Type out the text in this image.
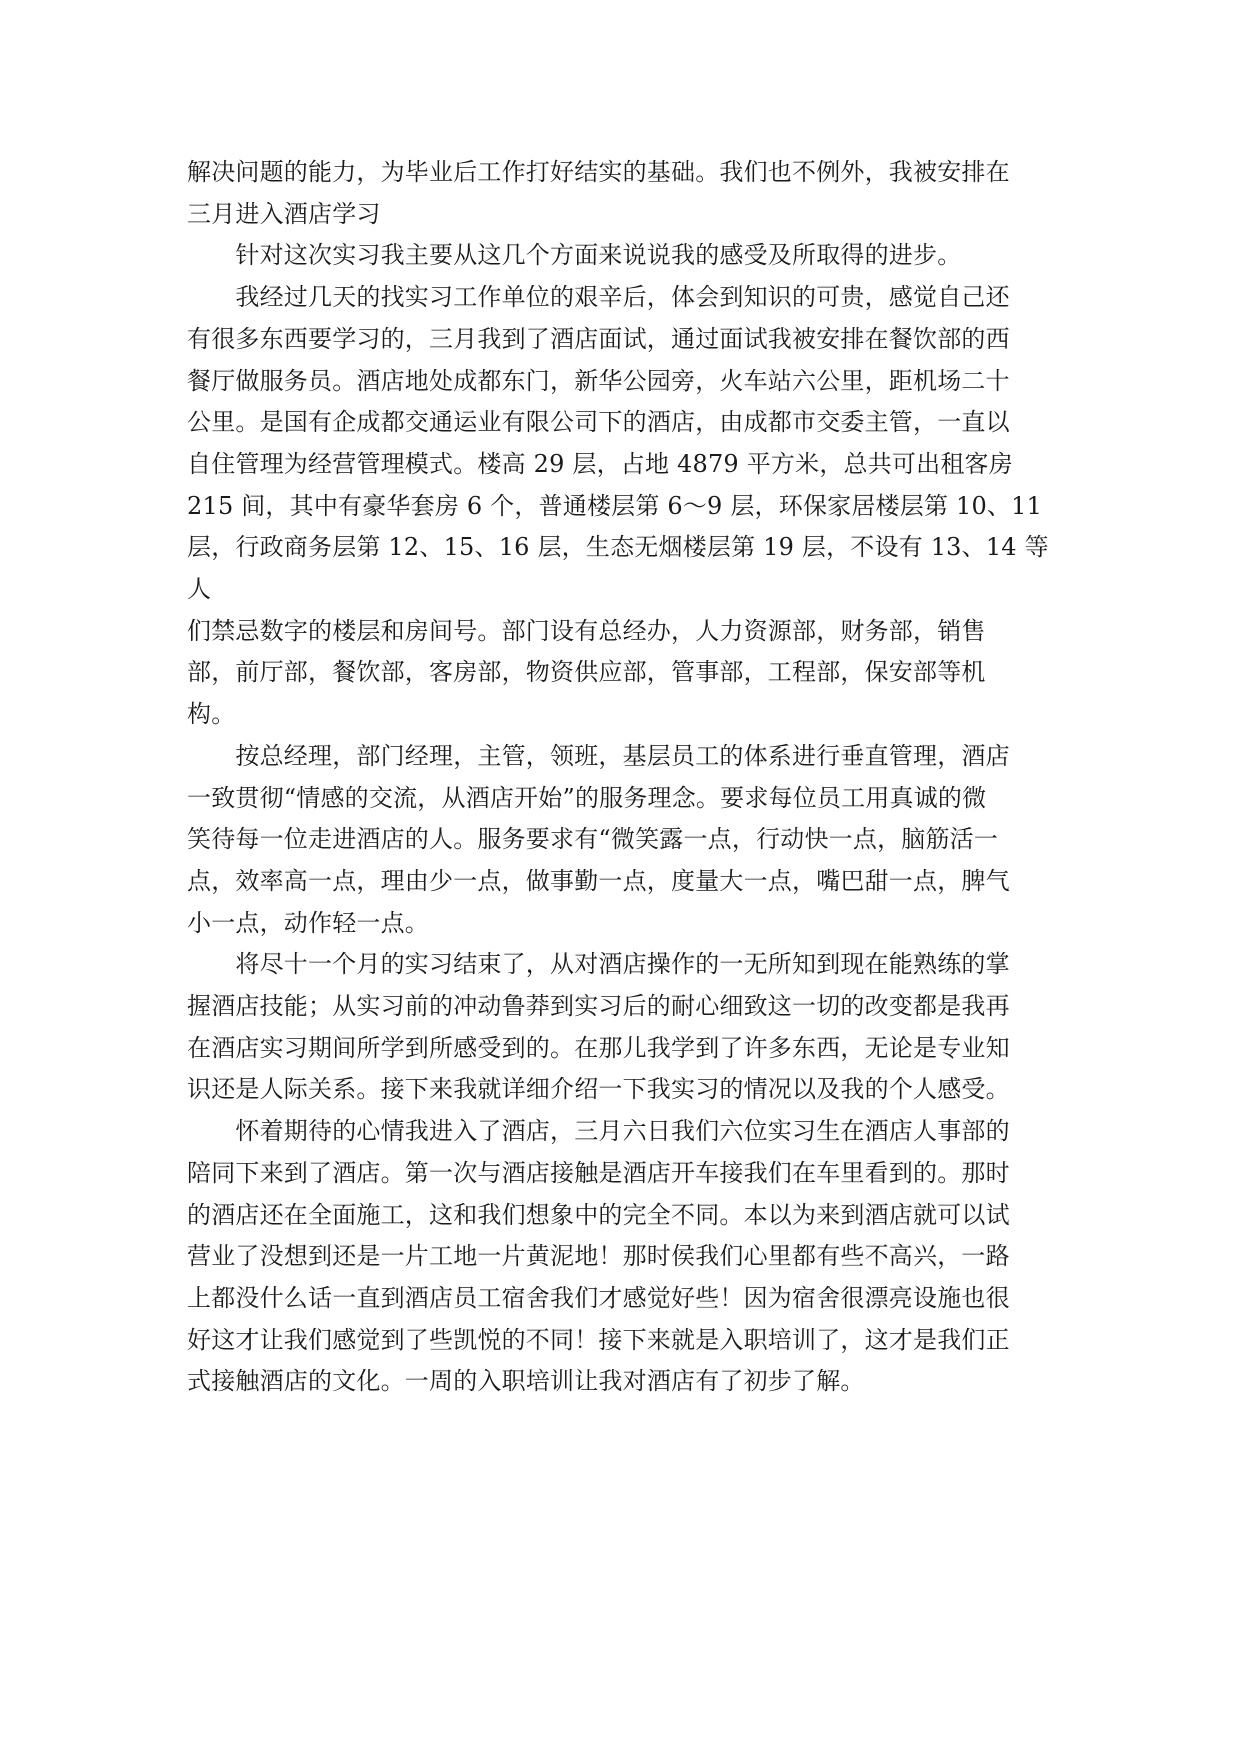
解决问题的能力，为毕业后工作打好结实的基础。我们也不例外，我被安排在
三月进入酒店学习

　　针对这次实习我主要从这几个方面来说说我的感受及所取得的进步。

　　我经过几天的找实习工作单位的艰辛后，体会到知识的可贵，感觉自己还
有很多东西要学习的，三月我到了酒店面试，通过面试我被安排在餐饮部的西
餐厅做服务员。酒店地处成都东门，新华公园旁，火车站六公里，距机场二十
公里。是国有企成都交通运业有限公司下的酒店，由成都市交委主管，一直以
自住管理为经营管理模式。楼高 29 层，占地 4879 平方米，总共可出租客房
215 间，其中有豪华套房 6 个，普通楼层第 6～9 层，环保家居楼层第 10、11
层，行政商务层第 12、15、16 层，生态无烟楼层第 19 层，不设有 13、14 等人
们禁忌数字的楼层和房间号。部门设有总经办，人力资源部，财务部，销售
部，前厅部，餐饮部，客房部，物资供应部，管事部，工程部，保安部等机
构。

　　按总经理，部门经理，主管，领班，基层员工的体系进行垂直管理，酒店
一致贯彻“情感的交流，从酒店开始”的服务理念。要求每位员工用真诚的微
笑待每一位走进酒店的人。服务要求有“微笑露一点，行动快一点，脑筋活一
点，效率高一点，理由少一点，做事勤一点，度量大一点，嘴巴甜一点，脾气
小一点，动作轻一点。

　　将尽十一个月的实习结束了，从对酒店操作的一无所知到现在能熟练的掌
握酒店技能；从实习前的冲动鲁莽到实习后的耐心细致这一切的改变都是我再
在酒店实习期间所学到所感受到的。在那儿我学到了许多东西，无论是专业知
识还是人际关系。接下来我就详细介绍一下我实习的情况以及我的个人感受。

　　怀着期待的心情我进入了酒店，三月六日我们六位实习生在酒店人事部的
陪同下来到了酒店。第一次与酒店接触是酒店开车接我们在车里看到的。那时
的酒店还在全面施工，这和我们想象中的完全不同。本以为来到酒店就可以试
营业了没想到还是一片工地一片黄泥地！那时侯我们心里都有些不高兴，一路
上都没什么话一直到酒店员工宿舍我们才感觉好些！因为宿舍很漂亮设施也很
好这才让我们感觉到了些凯悦的不同！接下来就是入职培训了，这才是我们正
式接触酒店的文化。一周的入职培训让我对酒店有了初步了解。
